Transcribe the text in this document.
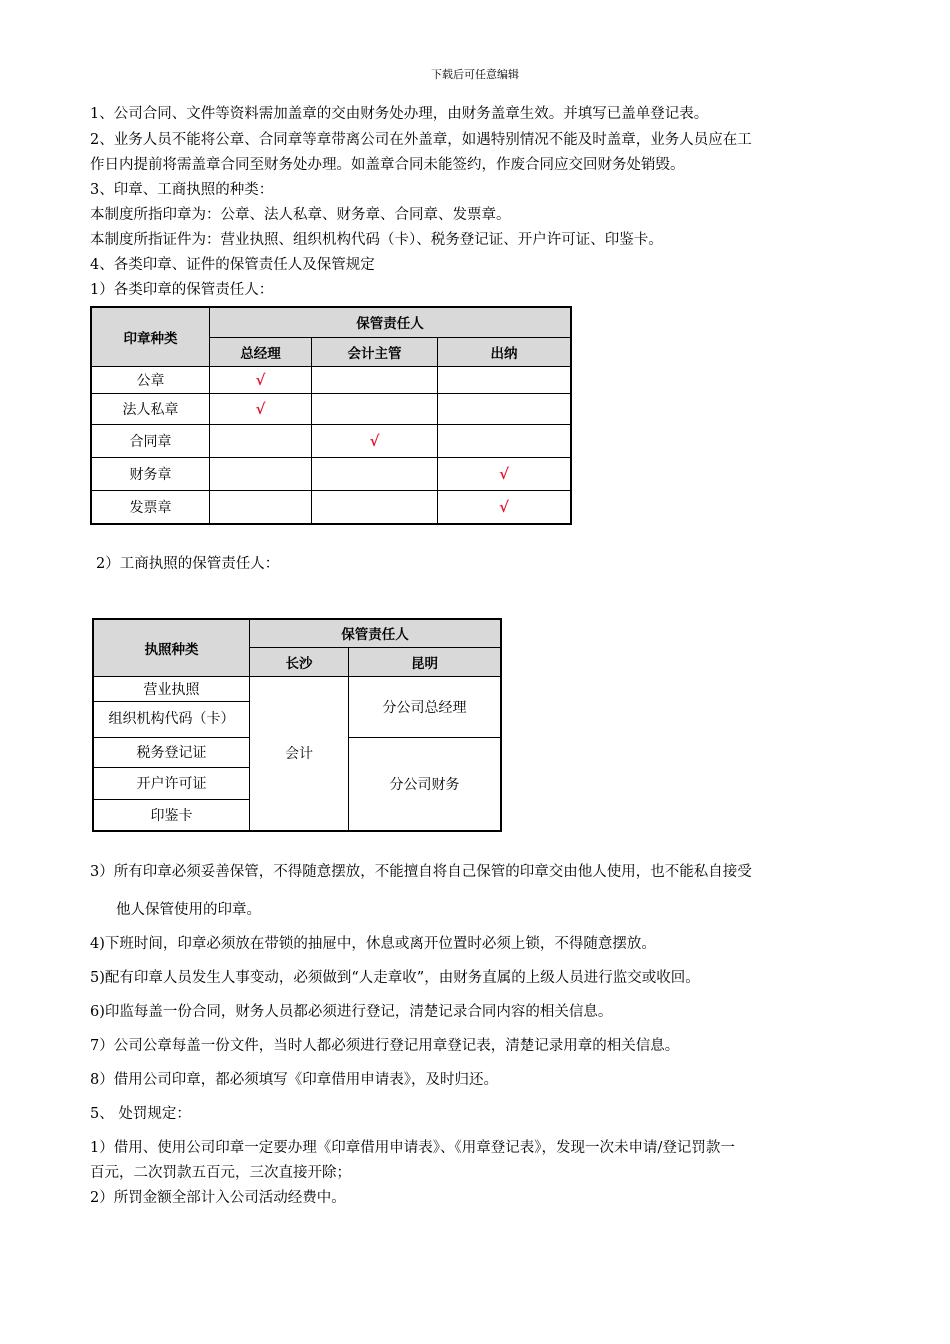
下载后可任意编辑
1、公司合同、文件等资料需加盖章的交由财务处办理，由财务盖章生效。并填写已盖单登记表。
2、业务人员不能将公章、合同章等章带离公司在外盖章，如遇特别情况不能及时盖章，业务人员应在工
作日内提前将需盖章合同至财务处办理。如盖章合同未能签约，作废合同应交回财务处销毁。
3、印章、工商执照的种类：
本制度所指印章为：公章、法人私章、财务章、合同章、发票章。
本制度所指证件为：营业执照、组织机构代码（卡）、税务登记证、开户许可证、印鉴卡。
4、各类印章、证件的保管责任人及保管规定
1）各类印章的保管责任人：
印章种类	保管责任人		
	总经理	会计主管	出纳
公章	√		
法人私章	√		
合同章		√	
财务章			√
发票章			√
2）工商执照的保管责任人：
执照种类	保管责任人	
	长沙	昆明
营业执照	会计	分公司总经理
组织机构代码（卡）		
税务登记证		分公司财务
开户许可证		
印鉴卡		
3）所有印章必须妥善保管，不得随意摆放，不能擅自将自己保管的印章交由他人使用，也不能私自接受
他人保管使用的印章。
4)下班时间，印章必须放在带锁的抽屉中，休息或离开位置时必须上锁，不得随意摆放。
5)配有印章人员发生人事变动，必须做到“人走章收”，由财务直属的上级人员进行监交或收回。
6)印监每盖一份合同，财务人员都必须进行登记，清楚记录合同内容的相关信息。
7）公司公章每盖一份文件，当时人都必须进行登记用章登记表，清楚记录用章的相关信息。
8）借用公司印章，都必须填写《印章借用申请表》，及时归还。
5、 处罚规定：
1）借用、使用公司印章一定要办理《印章借用申请表》、《用章登记表》，发现一次未申请/登记罚款一
百元，二次罚款五百元，三次直接开除；
2）所罚金额全部计入公司活动经费中。
